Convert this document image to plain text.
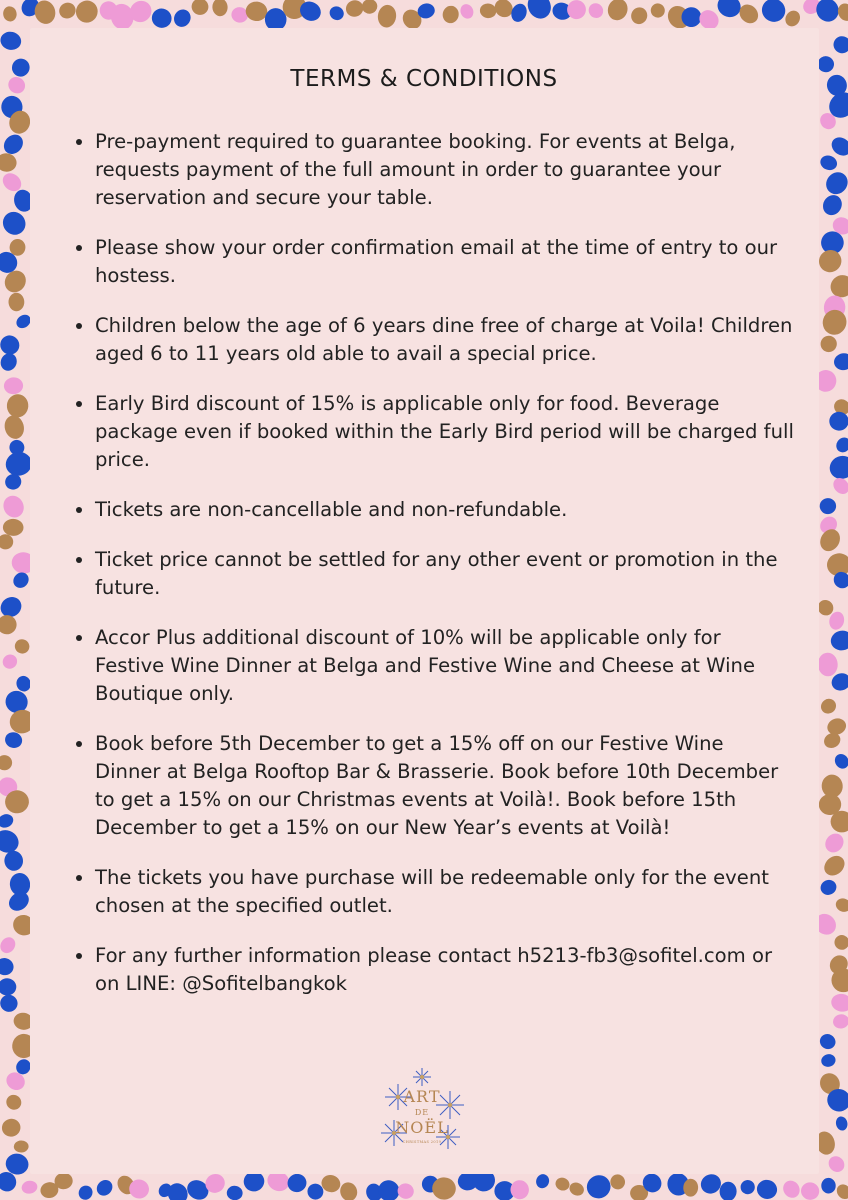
TERMS & CONDITIONS
Pre-payment required to guarantee booking. For events at Belga, requests payment of the full amount in order to guarantee your reservation and secure your table.
Please show your order confirmation email at the time of entry to our hostess.
Children below the age of 6 years dine free of charge at Voila! Children aged 6 to 11 years old able to avail a special price.
Early Bird discount of 15% is applicable only for food. Beverage package even if booked within the Early Bird period will be charged full price.
Tickets are non-cancellable and non-refundable.
Ticket price cannot be settled for any other event or promotion in the future.
Accor Plus additional discount of 10% will be applicable only for Festive Wine Dinner at Belga and Festive Wine and Cheese at Wine Boutique only.
Book before 5th December to get a 15% off on our Festive Wine Dinner at Belga Rooftop Bar & Brasserie. Book before 10th December to get a 15% on our Christmas events at Voilà!. Book before 15th December to get a 15% on our New Year’s events at Voilà!
The tickets you have purchase will be redeemable only for the event chosen at the specified outlet.
For any further information please contact h5213-fb3@sofitel.com or on LINE: @Sofitelbangkok
ART
DE
NOËL
CHRISTMAS 2019
